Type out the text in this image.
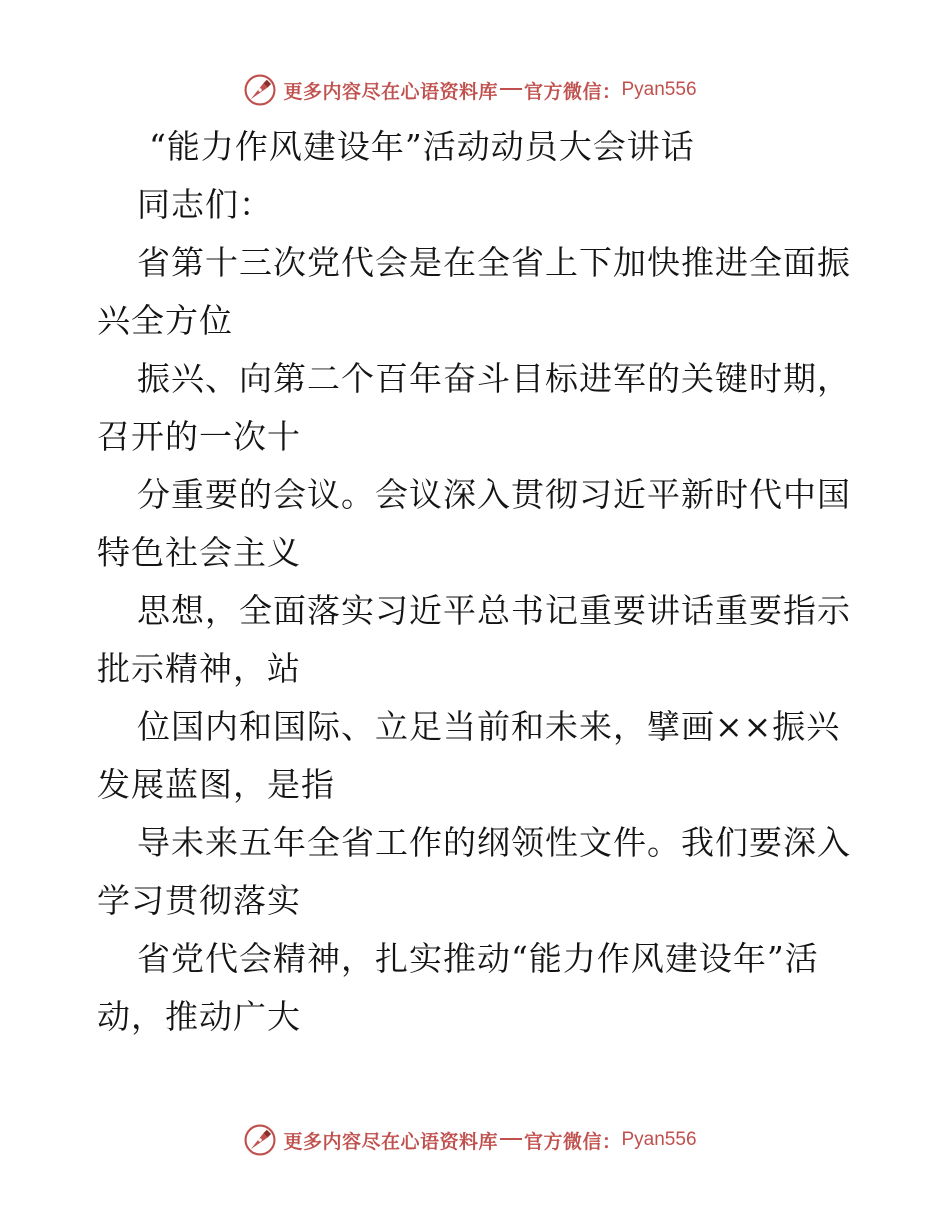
更多内容尽在心语资料库 官方微信： Pyan556
“能力作风建设年”活动动员大会讲话
同志们：
省第十三次党代会是在全省上下加快推进全面振
兴全方位
振兴、向第二个百年奋斗目标进军的关键时期，
召开的一次十
分重要的会议。会议深入贯彻习近平新时代中国
特色社会主义
思想，全面落实习近平总书记重要讲话重要指示
批示精神，站
位国内和国际、立足当前和未来，擘画××振兴
发展蓝图，是指
导未来五年全省工作的纲领性文件。我们要深入
学习贯彻落实
省党代会精神，扎实推动“能力作风建设年”活
动，推动广大
更多内容尽在心语资料库 官方微信： Pyan556
